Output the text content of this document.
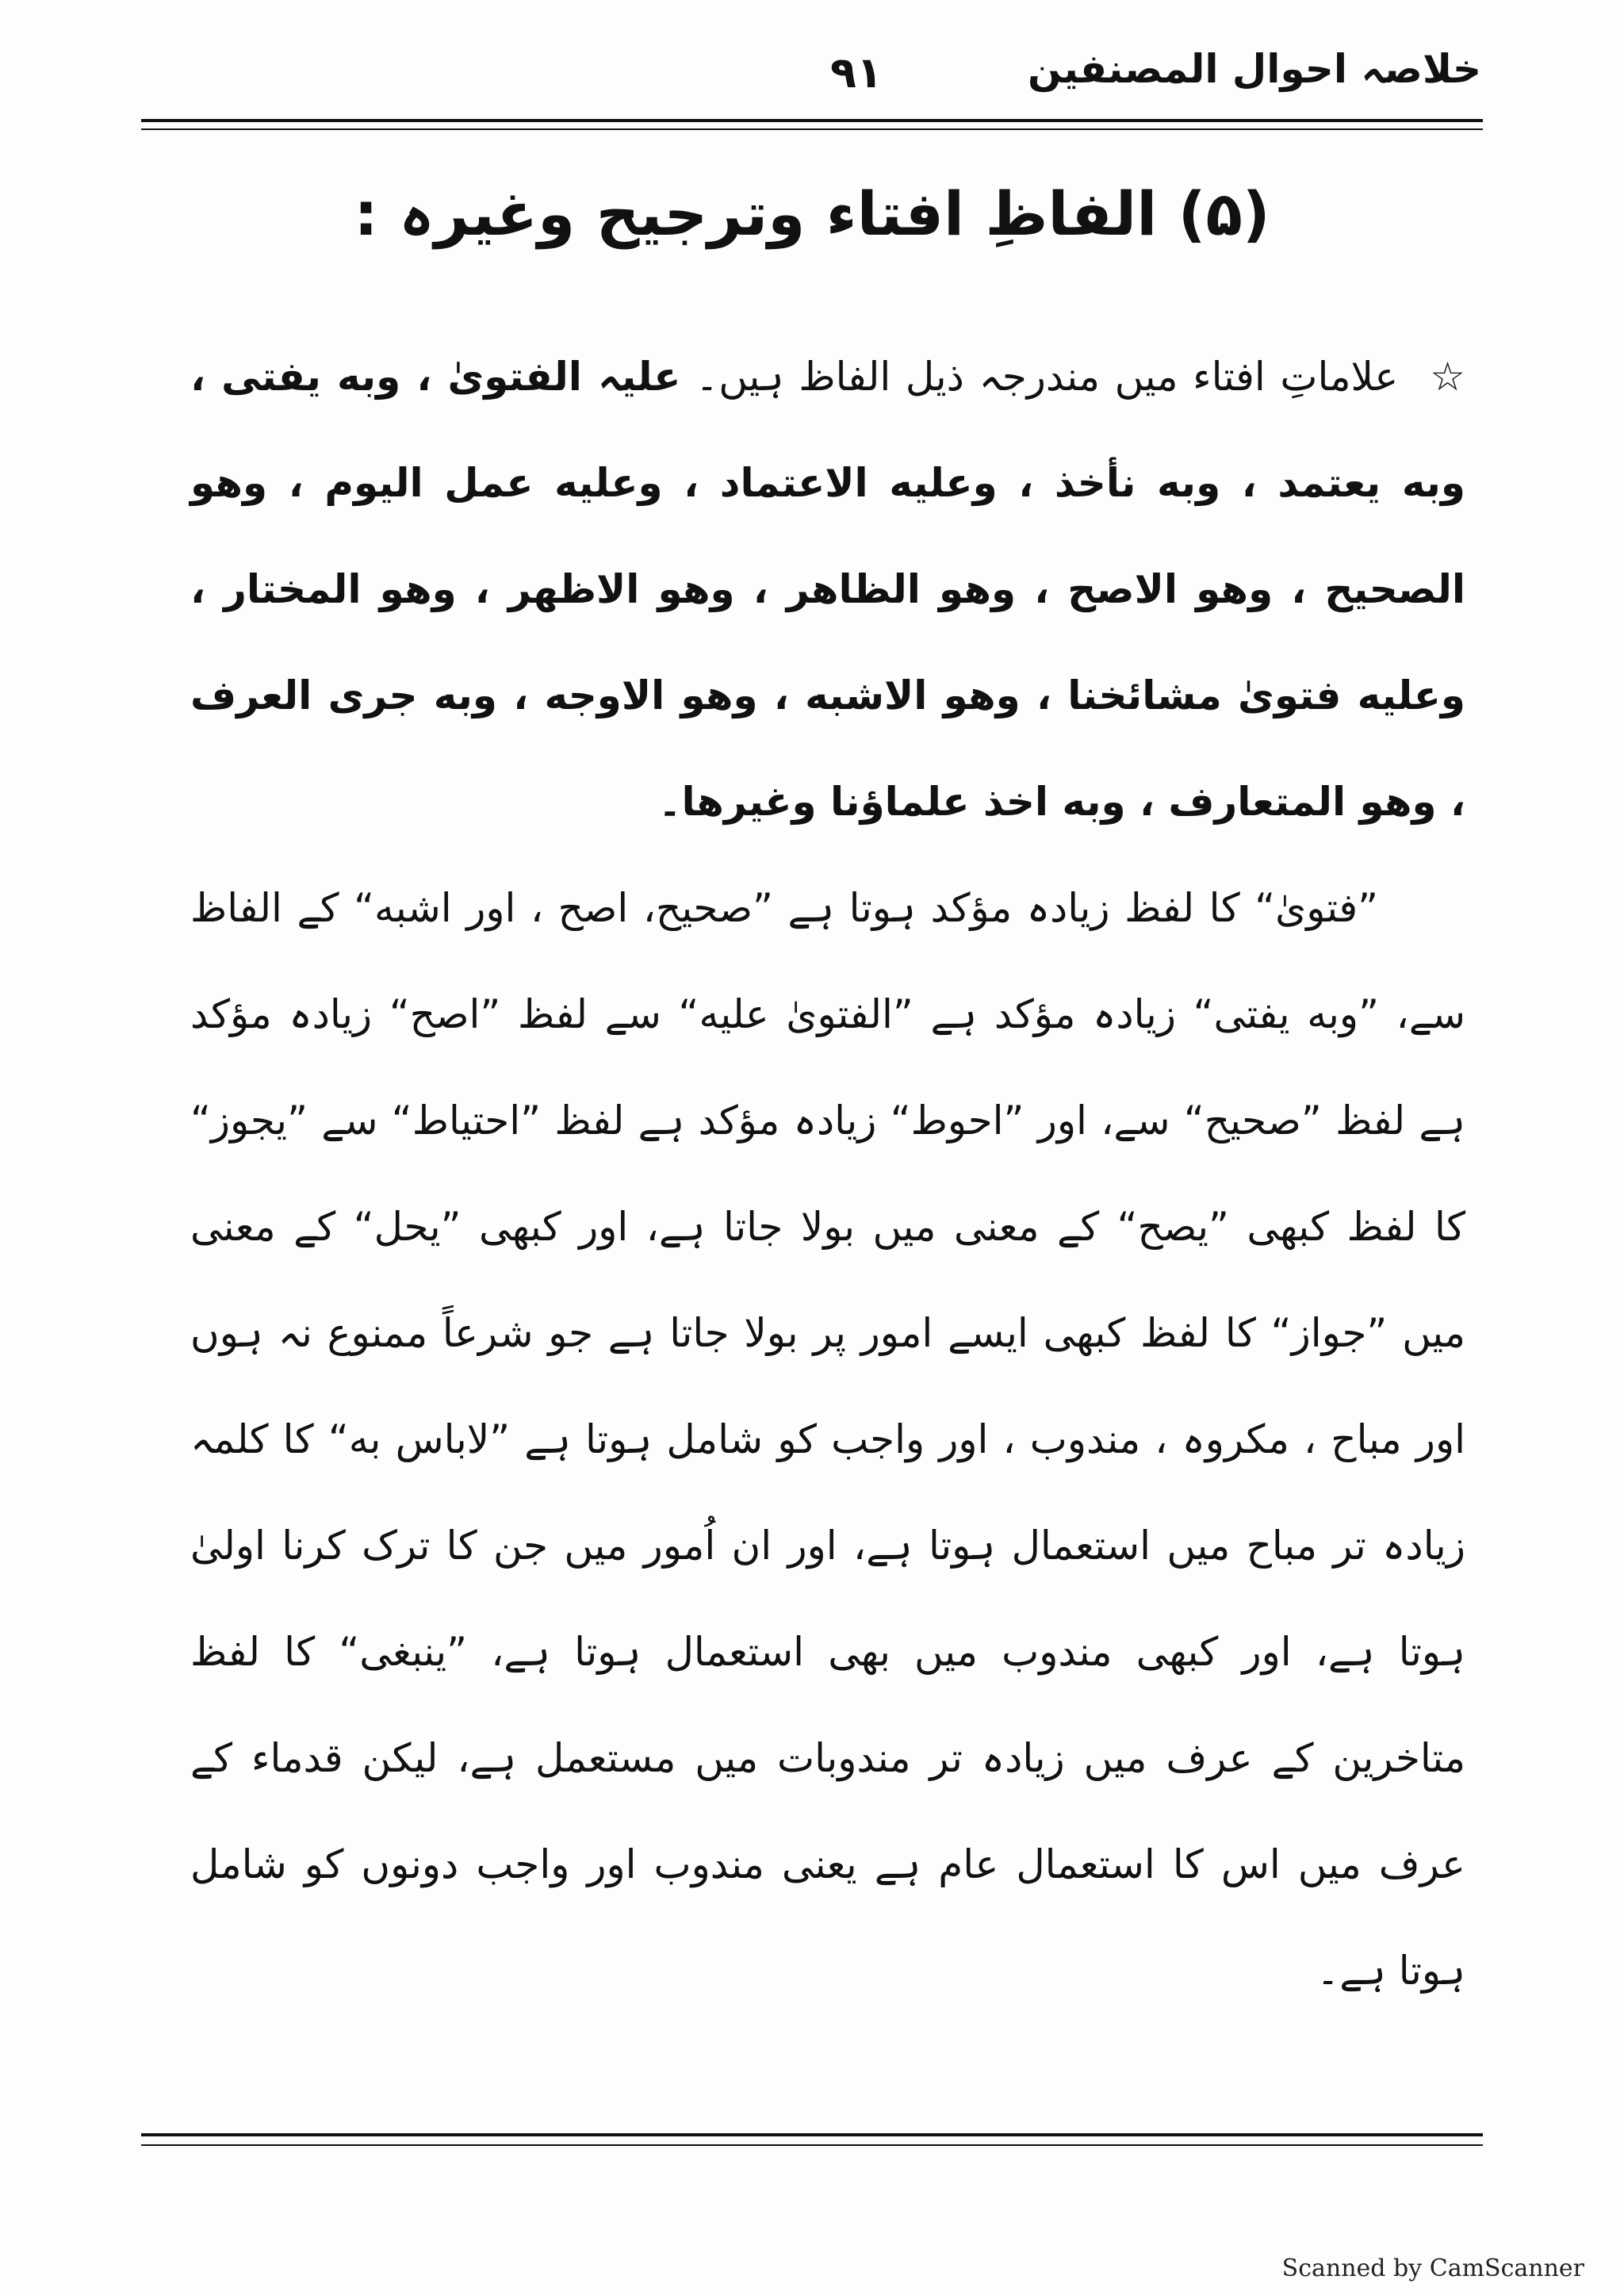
خلاصہ احوال المصنفین
۹۱
(۵) الفاظِ افتاء وترجیح وغیرہ :

☆علاماتِ افتاء میں مندرجہ ذیل الفاظ ہیں۔ علیہ الفتوىٰ ، وبه يفتى ، وبه يعتمد ، وبه نأخذ ، وعليه الاعتماد ، وعليه عمل اليوم ، وهو الصحيح ، وهو الاصح ، وهو الظاهر ، وهو الاظهر ، وهو المختار ، وعليه فتوىٰ مشائخنا ، وهو الاشبه ، وهو الاوجه ، وبه جرى العرف ، وهو المتعارف ، وبه اخذ علماؤنا وغيرها۔

”فتوىٰ“ کا لفظ زیادہ مؤکد ہوتا ہے ”صحیح، اصح ، اور اشبه“ کے الفاظ سے، ”وبه يفتى“ زیادہ مؤکد ہے ”الفتوىٰ عليه“ سے لفظ ”اصح“ زیادہ مؤکد ہے لفظ ”صحیح“ سے، اور ”احوط“ زیادہ مؤکد ہے لفظ ”احتیاط“ سے ”یجوز“ کا لفظ کبھی ”یصح“ کے معنی میں بولا جاتا ہے، اور کبھی ”یحل“ کے معنی میں ”جواز“ کا لفظ کبھی ایسے امور پر بولا جاتا ہے جو شرعاً ممنوع نہ ہوں اور مباح ، مکروہ ، مندوب ، اور واجب کو شامل ہوتا ہے ”لاباس به“ کا کلمہ زیادہ تر مباح میں استعمال ہوتا ہے، اور ان اُمور میں جن کا ترک کرنا اولیٰ ہوتا ہے، اور کبھی مندوب میں بھی استعمال ہوتا ہے، ”ینبغی“ کا لفظ متاخرین کے عرف میں زیادہ تر مندوبات میں مستعمل ہے، لیکن قدماء کے عرف میں اس کا استعمال عام ہے یعنی مندوب اور واجب دونوں کو شامل ہوتا ہے۔

Scanned by CamScanner
